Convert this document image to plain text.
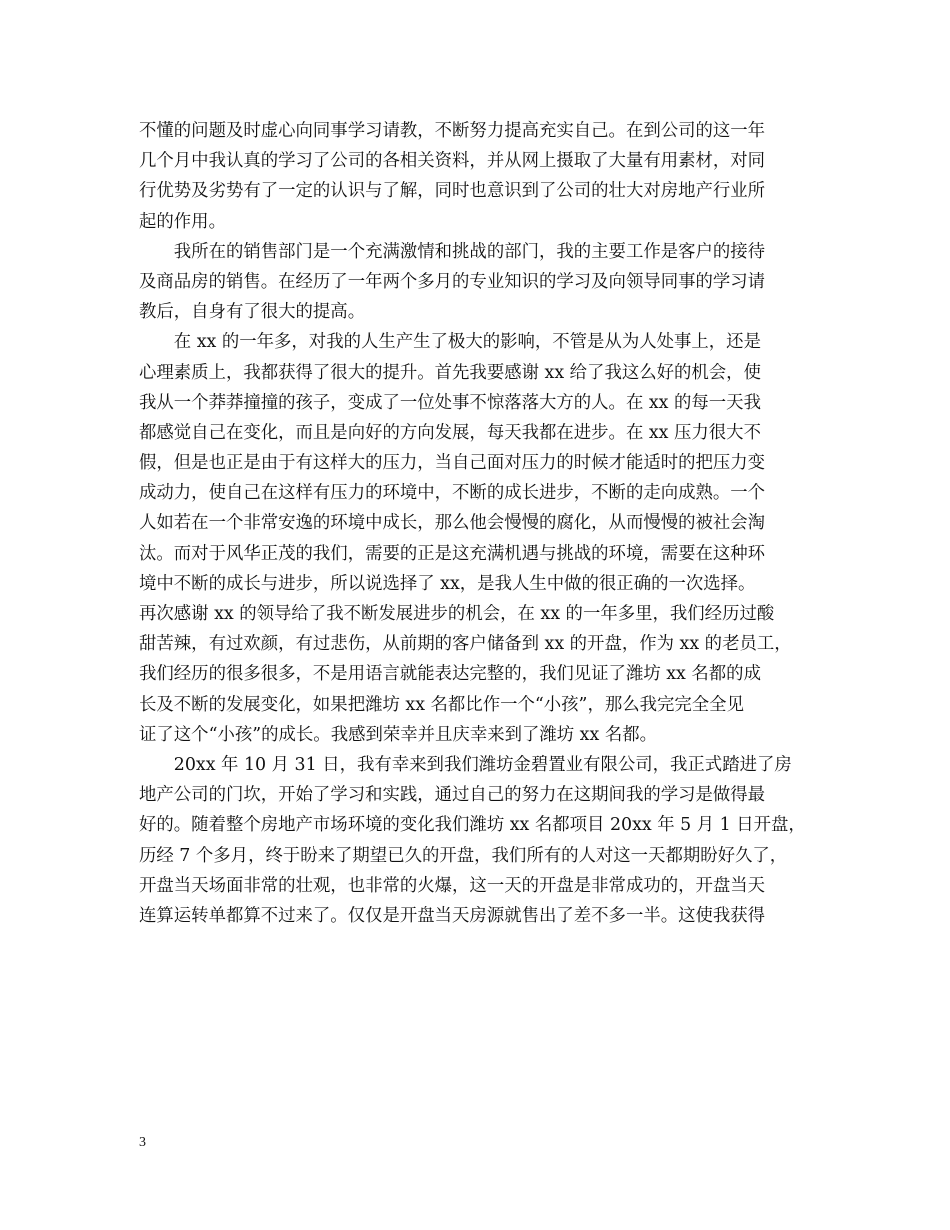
不懂的问题及时虚心向同事学习请教，不断努力提高充实自己。在到公司的这一年
几个月中我认真的学习了公司的各相关资料，并从网上摄取了大量有用素材，对同
行优势及劣势有了一定的认识与了解，同时也意识到了公司的壮大对房地产行业所
起的作用。
　　我所在的销售部门是一个充满激情和挑战的部门，我的主要工作是客户的接待
及商品房的销售。在经历了一年两个多月的专业知识的学习及向领导同事的学习请
教后，自身有了很大的提高。
　　在 xx 的一年多，对我的人生产生了极大的影响，不管是从为人处事上，还是
心理素质上，我都获得了很大的提升。首先我要感谢 xx 给了我这么好的机会，使
我从一个莽莽撞撞的孩子，变成了一位处事不惊落落大方的人。在 xx 的每一天我
都感觉自己在变化，而且是向好的方向发展，每天我都在进步。在 xx 压力很大不
假，但是也正是由于有这样大的压力，当自己面对压力的时候才能适时的把压力变
成动力，使自己在这样有压力的环境中，不断的成长进步，不断的走向成熟。一个
人如若在一个非常安逸的环境中成长，那么他会慢慢的腐化，从而慢慢的被社会淘
汰。而对于风华正茂的我们，需要的正是这充满机遇与挑战的环境，需要在这种环
境中不断的成长与进步，所以说选择了 xx，是我人生中做的很正确的一次选择。
再次感谢 xx 的领导给了我不断发展进步的机会，在 xx 的一年多里，我们经历过酸
甜苦辣，有过欢颜，有过悲伤，从前期的客户储备到 xx 的开盘，作为 xx 的老员工，
我们经历的很多很多，不是用语言就能表达完整的，我们见证了潍坊 xx 名都的成
长及不断的发展变化，如果把潍坊 xx 名都比作一个“小孩”，那么我完完全全见
证了这个“小孩”的成长。我感到荣幸并且庆幸来到了潍坊 xx 名都。
　　20xx 年 10 月 31 日，我有幸来到我们潍坊金碧置业有限公司，我正式踏进了房
地产公司的门坎，开始了学习和实践，通过自己的努力在这期间我的学习是做得最
好的。随着整个房地产市场环境的变化我们潍坊 xx 名都项目 20xx 年 5 月 1 日开盘，
历经 7 个多月，终于盼来了期望已久的开盘，我们所有的人对这一天都期盼好久了，
开盘当天场面非常的壮观，也非常的火爆，这一天的开盘是非常成功的，开盘当天
连算运转单都算不过来了。仅仅是开盘当天房源就售出了差不多一半。这使我获得
3
